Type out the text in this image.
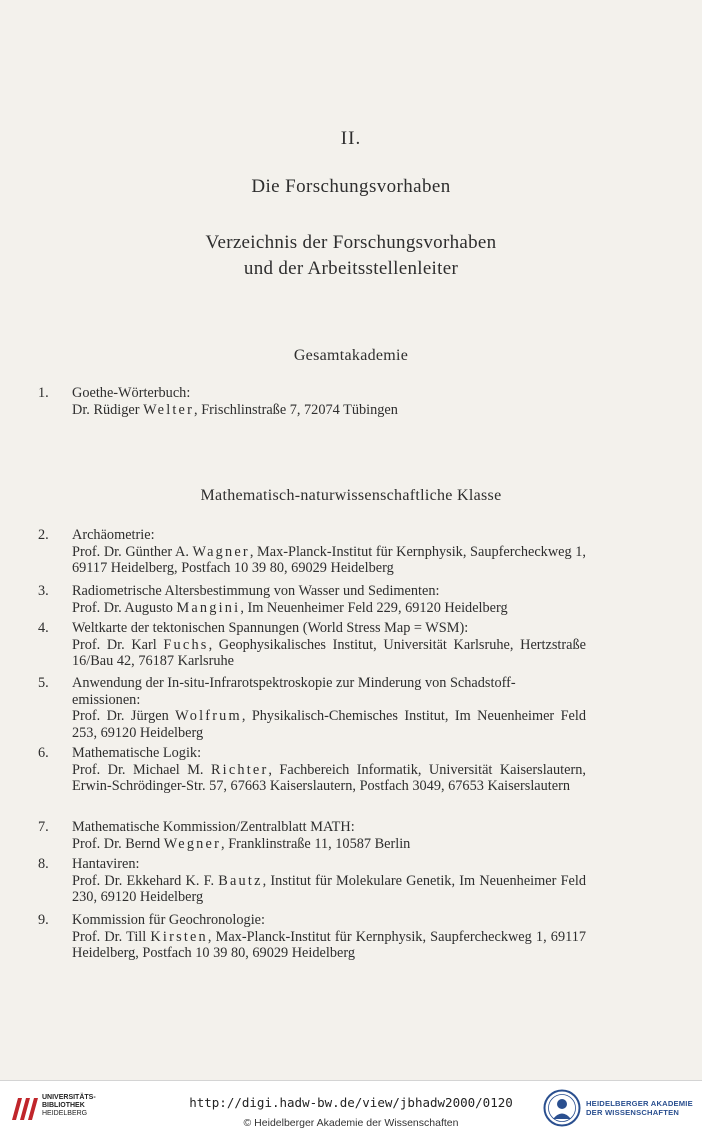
II.
Die Forschungsvorhaben
Verzeichnis der Forschungsvorhaben
und der Arbeitsstellenleiter
Gesamtakademie
1.	Goethe-Wörterbuch:
Dr. Rüdiger Welter, Frischlinstraße 7, 72074 Tübingen
Mathematisch-naturwissenschaftliche Klasse
2.	Archäometrie:
Prof. Dr. Günther A. Wagner, Max-Planck-Institut für Kernphysik, Saupfercheckweg 1, 69117 Heidelberg, Postfach 10 39 80, 69029 Heidelberg
3.	Radiometrische Altersbestimmung von Wasser und Sedimenten:
Prof. Dr. Augusto Mangini, Im Neuenheimer Feld 229, 69120 Heidelberg
4.	Weltkarte der tektonischen Spannungen (World Stress Map = WSM):
Prof. Dr. Karl Fuchs, Geophysikalisches Institut, Universität Karlsruhe, Hertzstraße 16/Bau 42, 76187 Karlsruhe
5.	Anwendung der In-situ-Infrarotspektroskopie zur Minderung von Schadstoff-
emissionen:
Prof. Dr. Jürgen Wolfrum, Physikalisch-Chemisches Institut, Im Neuenheimer Feld 253, 69120 Heidelberg
6.	Mathematische Logik:
Prof. Dr. Michael M. Richter, Fachbereich Informatik, Universität Kaiserslautern, Erwin-Schrödinger-Str. 57, 67663 Kaiserslautern, Postfach 3049, 67653 Kaiserslautern
7.	Mathematische Kommission/Zentralblatt MATH:
Prof. Dr. Bernd Wegner, Franklinstraße 11, 10587 Berlin
8.	Hantaviren:
Prof. Dr. Ekkehard K. F. Bautz, Institut für Molekulare Genetik, Im Neuenheimer Feld 230, 69120 Heidelberg
9.	Kommission für Geochronologie:
Prof. Dr. Till Kirsten, Max-Planck-Institut für Kernphysik, Saupfercheckweg 1, 69117 Heidelberg, Postfach 10 39 80, 69029 Heidelberg
UNIVERSITÄTS-
BIBLIOTHEK
HEIDELBERG
http://digi.hadw-bw.de/view/jbhadw2000/0120
© Heidelberger Akademie der Wissenschaften
HEIDELBERGER AKADEMIE
DER WISSENSCHAFTEN
